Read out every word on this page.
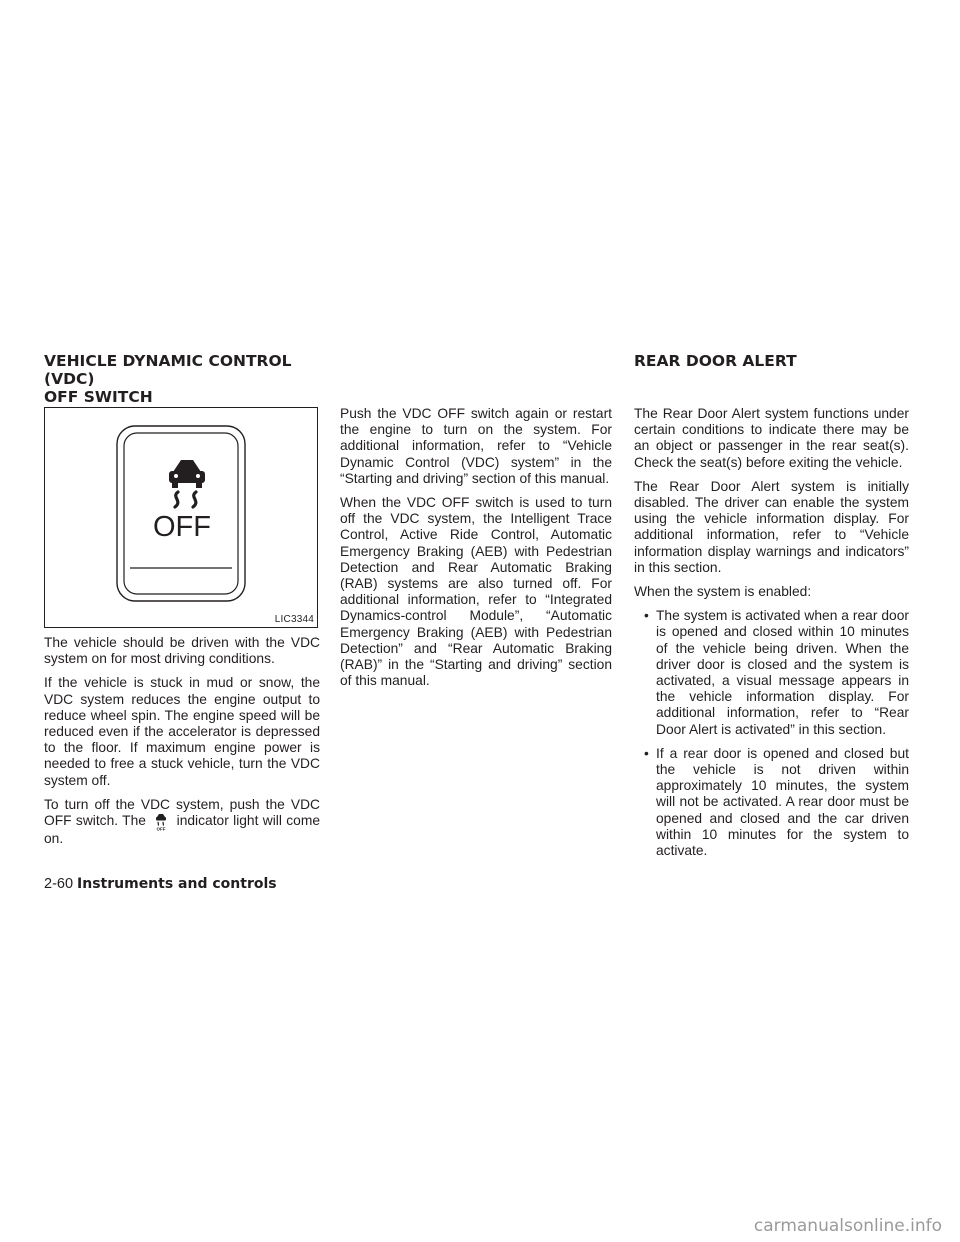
VEHICLE DYNAMIC CONTROL (VDC)
OFF SWITCH
REAR DOOR ALERT
OFF
LIC3344

The vehicle should be driven with the VDC system on for most driving conditions.

If the vehicle is stuck in mud or snow, the VDC system reduces the engine output to reduce wheel spin. The engine speed will be reduced even if the accelerator is depressed to the floor. If maximum engine power is needed to free a stuck vehicle, turn the VDC system off.

To turn off the VDC system, push the VDC OFF switch. The
OFF
indicator light will come on.

Push the VDC OFF switch again or restart the engine to turn on the system. For additional information, refer to “Vehicle Dynamic Control (VDC) system” in the “Starting and driving” section of this manual.

When the VDC OFF switch is used to turn off the VDC system, the Intelligent Trace Control, Active Ride Control, Automatic Emergency Braking (AEB) with Pedestrian Detection and Rear Automatic Braking (RAB) systems are also turned off. For additional information, refer to “Integrated Dynamics-control Module”, “Automatic Emergency Braking (AEB) with Pedestrian Detection” and “Rear Automatic Braking (RAB)” in the “Starting and driving” section of this manual.

The Rear Door Alert system functions under certain conditions to indicate there may be an object or passenger in the rear seat(s). Check the seat(s) before exiting the vehicle.

The Rear Door Alert system is initially disabled. The driver can enable the system using the vehicle information display. For additional information, refer to “Vehicle information display warnings and indicators” in this section.

When the system is enabled:

• The system is activated when a rear door is opened and closed within 10 minutes of the vehicle being driven. When the driver door is closed and the system is activated, a visual message appears in the vehicle information display. For additional information, refer to “Rear Door Alert is activated” in this section.
• If a rear door is opened and closed but the vehicle is not driven within approximately 10 minutes, the system will not be activated. A rear door must be opened and closed and the car driven within 10 minutes for the system to activate.
2-60 Instruments and controls
carmanualsonline.info
